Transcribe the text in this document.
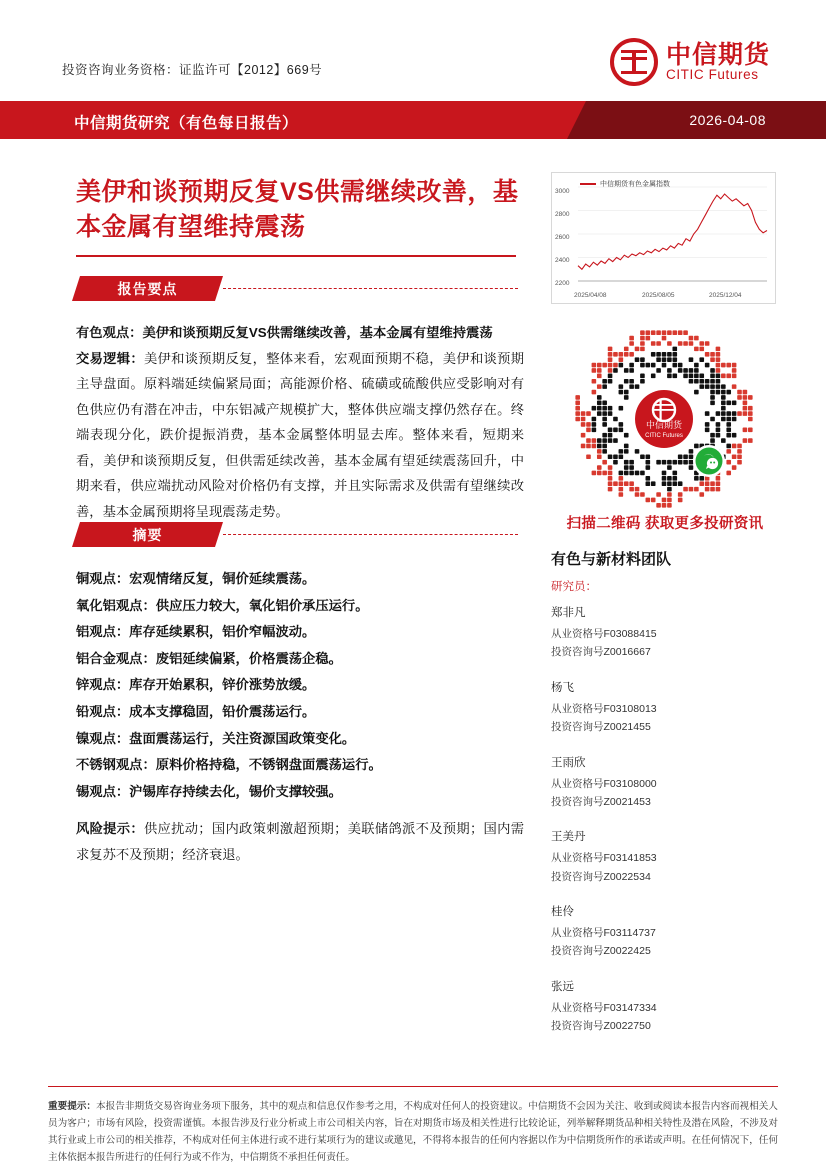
投资咨询业务资格：证监许可【2012】669号
中信期货
CITIC Futures
中信期货研究（有色每日报告）	2026-04-08
美伊和谈预期反复VS供需继续改善，基本金属有望维持震荡
报告要点
有色观点：美伊和谈预期反复VS供需继续改善，基本金属有望维持震荡
交易逻辑：美伊和谈预期反复，整体来看，宏观面预期不稳，美伊和谈预期主导盘面。原料端延续偏紧局面；高能源价格、硫磺或硫酸供应受影响对有色供应仍有潜在冲击，中东铝减产规模扩大，整体供应端支撑仍然存在。终端表现分化，跌价提振消费，基本金属整体明显去库。整体来看，短期来看，美伊和谈预期反复，但供需延续改善，基本金属有望延续震荡回升，中期来看，供应端扰动风险对价格仍有支撑，并且实际需求及供需有望继续改善，基本金属预期将呈现震荡走势。
摘要
铜观点：宏观情绪反复，铜价延续震荡。
氧化铝观点：供应压力较大，氧化铝价承压运行。
铝观点：库存延续累积，铝价窄幅波动。
铝合金观点：废铝延续偏紧，价格震荡企稳。
锌观点：库存开始累积，锌价涨势放缓。
铅观点：成本支撑稳固，铅价震荡运行。
镍观点：盘面震荡运行，关注资源国政策变化。
不锈钢观点：原料价格持稳，不锈钢盘面震荡运行。
锡观点：沪锡库存持续去化，锡价支撑较强。
风险提示：供应扰动；国内政策刺激超预期；美联储鸽派不及预期；国内需求复苏不及预期；经济衰退。
中信期货有色金属指数
2200
2400
2600
2800
3000
2025/04/08	2025/08/05	2025/12/04
中信期货
CITIC Futures
扫描二维码 获取更多投研资讯
有色与新材料团队
研究员：
郑非凡
从业资格号F03088415
投资咨询号Z0016667
杨飞
从业资格号F03108013
投资咨询号Z0021455
王雨欣
从业资格号F03108000
投资咨询号Z0021453
王美丹
从业资格号F03141853
投资咨询号Z0022534
桂伶
从业资格号F03114737
投资咨询号Z0022425
张远
从业资格号F03147334
投资咨询号Z0022750
重要提示：本报告非期货交易咨询业务项下服务，其中的观点和信息仅作参考之用，不构成对任何人的投资建议。中信期货不会因为关注、收到或阅读本报告内容而视相关人员为客户；市场有风险，投资需谨慎。本报告涉及行业分析或上市公司相关内容，旨在对期货市场及相关性进行比较论证，列举解释期货品种相关特性及潜在风险，不涉及对其行业或上市公司的相关推荐，不构成对任何主体进行或不进行某项行为的建议或邀见，不得将本报告的任何内容据以作为中信期货所作的承诺或声明。在任何情况下，任何主体依据本报告所进行的任何行为或不作为，中信期货不承担任何责任。
